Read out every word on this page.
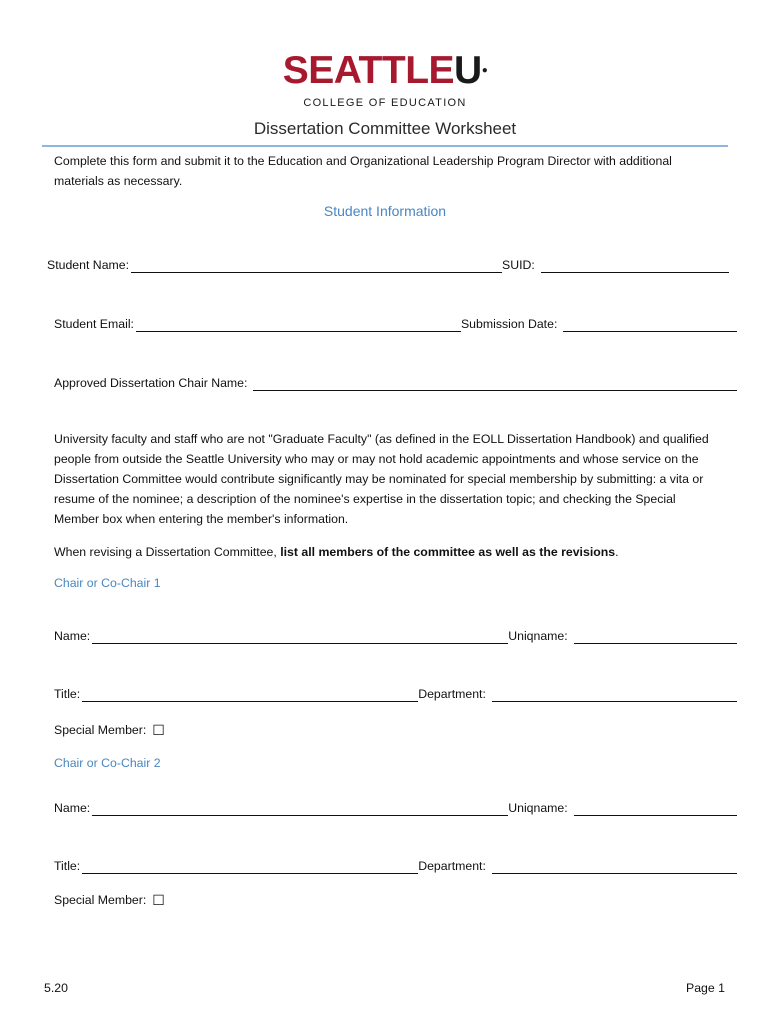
SEATTLEU●
COLLEGE OF EDUCATION
Dissertation Committee Worksheet
Complete this form and submit it to the Education and Organizational Leadership Program Director with additional materials as necessary.
Student Information
Student Name:	SUID:
Student Email:	Submission Date:
Approved Dissertation Chair Name:
University faculty and staff who are not "Graduate Faculty" (as defined in the EOLL Dissertation Handbook) and qualified people from outside the Seattle University who may or may not hold academic appointments and whose service on the Dissertation Committee would contribute significantly may be nominated for special membership by submitting: a vita or resume of the nominee; a description of the nominee's expertise in the dissertation topic; and checking the Special Member box when entering the member's information.
When revising a Dissertation Committee, list all members of the committee as well as the revisions.
Chair or Co-Chair 1
Name:	Uniqname:
Title:	Department:
Special Member: ☐
Chair or Co-Chair 2
Name:	Uniqname:
Title:	Department:
Special Member: ☐
5.20	Page 1
